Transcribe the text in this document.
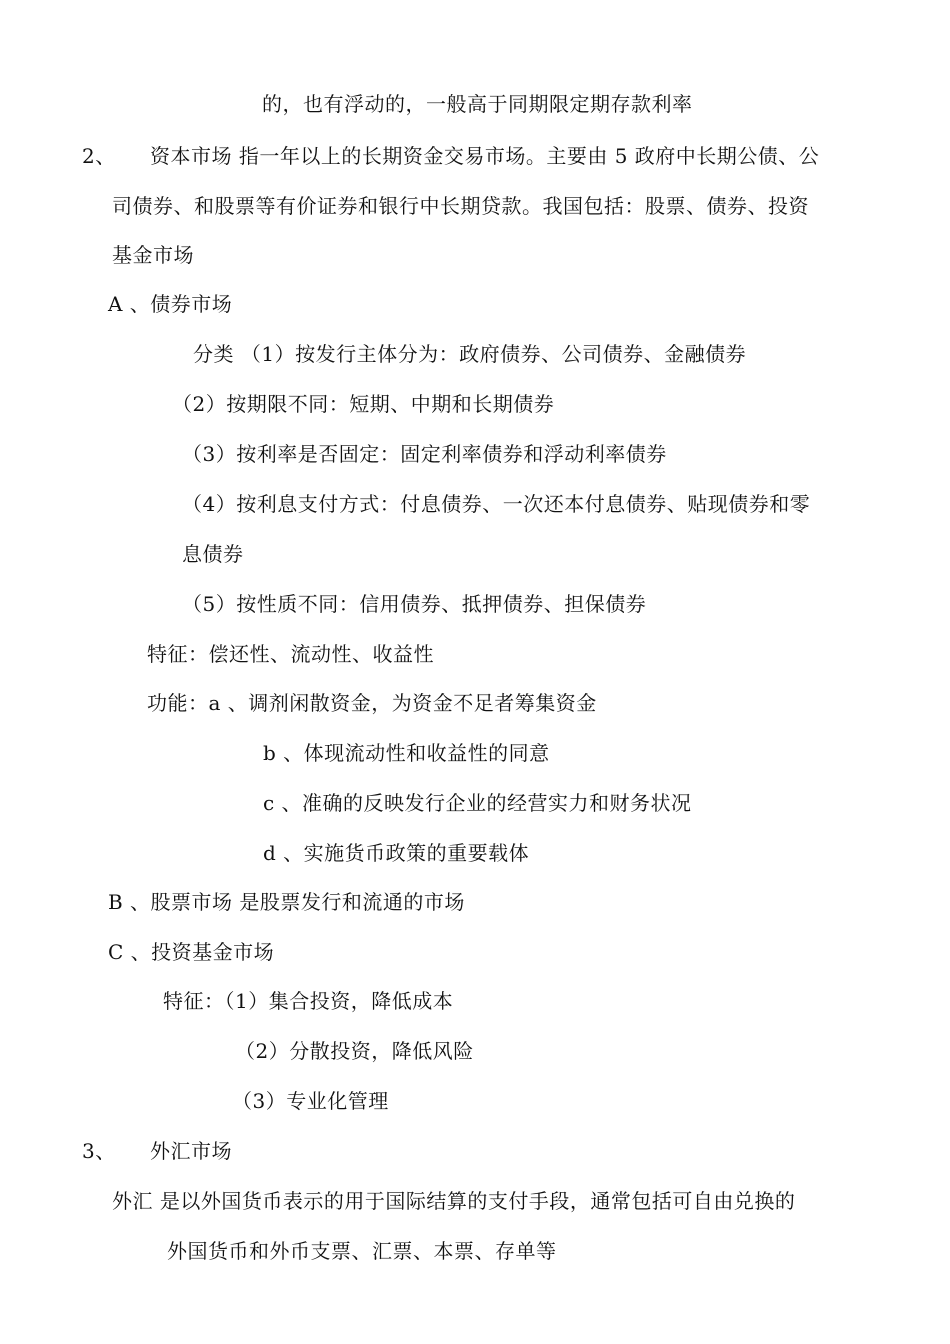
的，也有浮动的，一般高于同期限定期存款利率
2、 资本市场 指一年以上的长期资金交易市场。主要由 5 政府中长期公债、公
司债券、和股票等有价证券和银行中长期贷款。我国包括：股票、债券、投资
基金市场
A 、债券市场
分类 （1）按发行主体分为：政府债券、公司债券、金融债券
（2）按期限不同：短期、中期和长期债券
（3）按利率是否固定：固定利率债券和浮动利率债券
（4）按利息支付方式：付息债券、一次还本付息债券、贴现债券和零
息债券
（5）按性质不同：信用债券、抵押债券、担保债券
特征：偿还性、流动性、收益性
功能：a 、调剂闲散资金，为资金不足者筹集资金
b 、体现流动性和收益性的同意
c 、准确的反映发行企业的经营实力和财务状况
d 、实施货币政策的重要载体
B 、股票市场 是股票发行和流通的市场
C 、投资基金市场
特征：（1）集合投资，降低成本
（2）分散投资，降低风险
（3）专业化管理
3、 外汇市场
外汇 是以外国货币表示的用于国际结算的支付手段，通常包括可自由兑换的
外国货币和外币支票、汇票、本票、存单等
